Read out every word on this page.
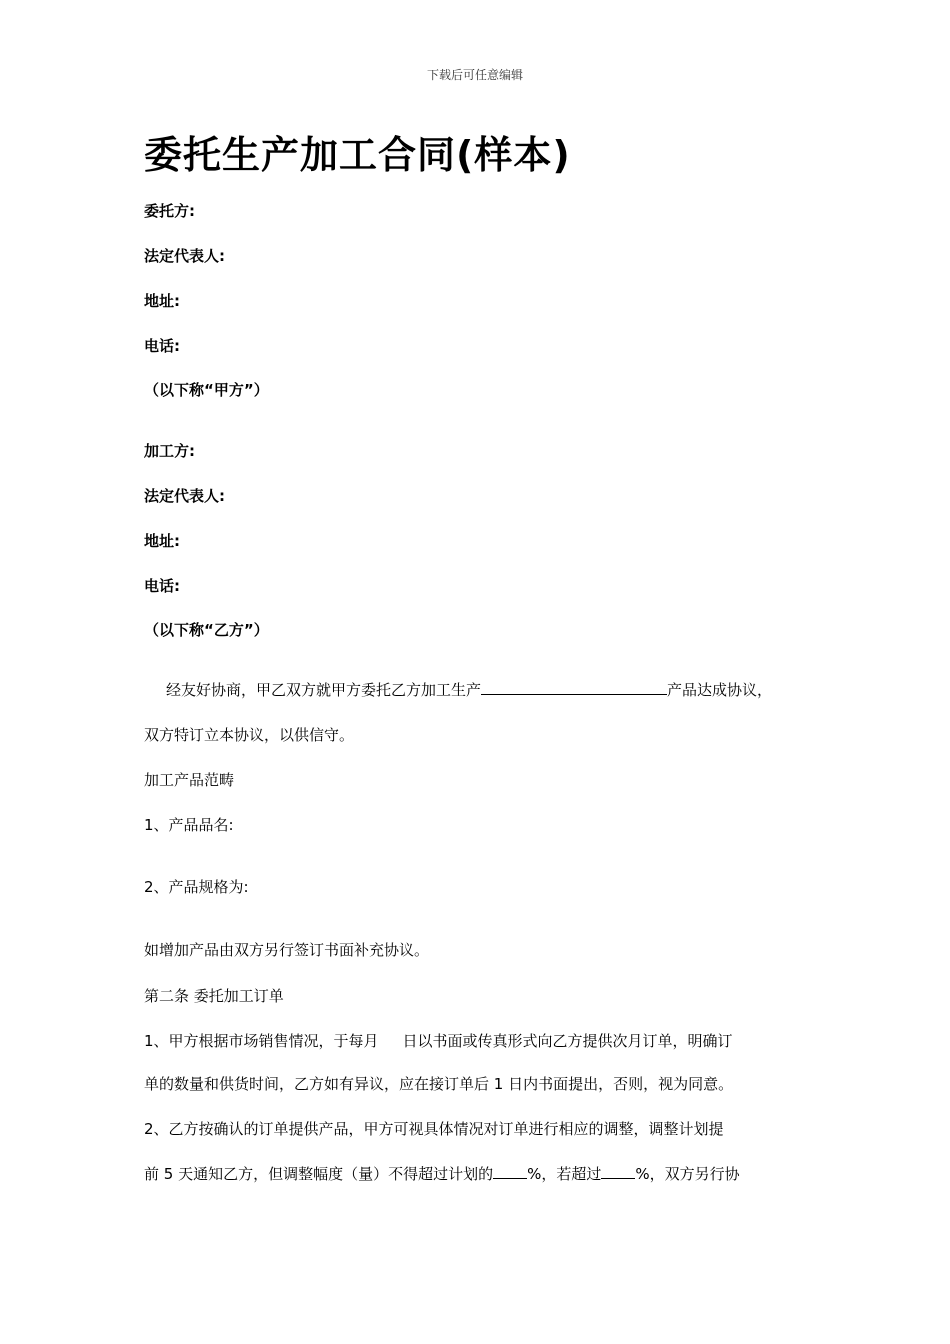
下载后可任意编辑
委托生产加工合同(样本)
委托方:
法定代表人:
地址:
电话:
（以下称“甲方”）
加工方:
法定代表人:
地址:
电话:
（以下称“乙方”）
经友好协商，甲乙双方就甲方委托乙方加工生产	产品达成协议，
双方特订立本协议，以供信守。
加工产品范畴
1、产品品名:
2、产品规格为:
如增加产品由双方另行签订书面补充协议。
第二条 委托加工订单
1、甲方根据市场销售情况，于每月 日以书面或传真形式向乙方提供次月订单，明确订
单的数量和供货时间，乙方如有异议，应在接订单后 1 日内书面提出，否则，视为同意。
2、乙方按确认的订单提供产品，甲方可视具体情况对订单进行相应的调整，调整计划提
前 5 天通知乙方，但调整幅度（量）不得超过计划的 %，若超过 %，双方另行协
